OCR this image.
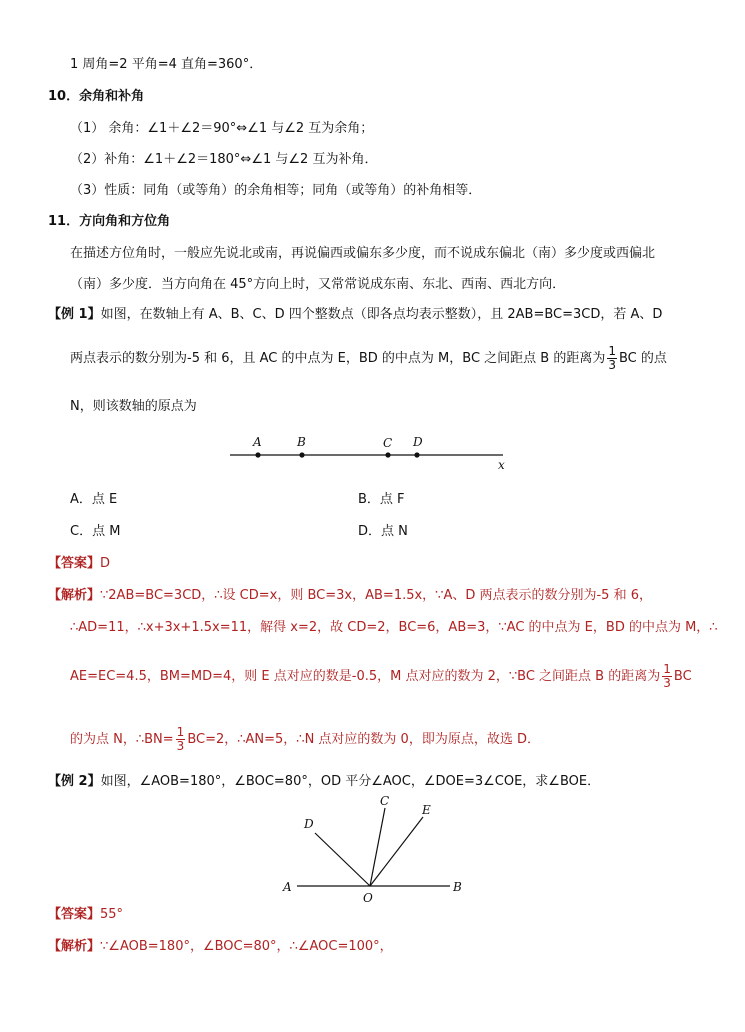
1 周角=2 平角=4 直角=360°．
10．余角和补角
（1） 余角：∠1＋∠2＝90°⇔∠1 与∠2 互为余角；
（2）补角：∠1＋∠2＝180°⇔∠1 与∠2 互为补角．
（3）性质：同角（或等角）的余角相等；同角（或等角）的补角相等．
11．方向角和方位角
在描述方位角时，一般应先说北或南，再说偏西或偏东多少度，而不说成东偏北（南）多少度或西偏北
（南）多少度．当方向角在 45°方向上时，又常常说成东南、东北、西南、西北方向．
【例 1】如图，在数轴上有 A、B、C、D 四个整数点（即各点均表示整数），且 2AB=BC=3CD，若 A、D
两点表示的数分别为-5 和 6，且 AC 的中点为 E，BD 的中点为 M，BC 之间距点 B 的距离为 $\frac{1}{3}$ BC 的点
N，则该数轴的原点为
A	B	C D
x
A．点 E	B．点 F
C．点 M	D．点 N
【答案】D
【解析】∵2AB=BC=3CD，∴设 CD=x，则 BC=3x，AB=1.5x，∵A、D 两点表示的数分别为-5 和 6，
∴AD=11，∴x+3x+1.5x=11，解得 x=2，故 CD=2，BC=6，AB=3，∵AC 的中点为 E，BD 的中点为 M，∴
AE=EC=4.5，BM=MD=4，则 E 点对应的数是-0.5，M 点对应的数为 2，∵BC 之间距点 B 的距离为 $\frac{1}{3}$ BC
的为点 N，∴BN= $\frac{1}{3} BC=2$，∴AN=5，∴N 点对应的数为 0，即为原点，故选 D．
【例 2】如图，∠AOB=180°，∠BOC=80°，OD 平分∠AOC，∠DOE=3∠COE，求∠BOE．
A	B
C
D
E
O
【答案】55°
【解析】∵∠AOB=180°，∠BOC=80°，∴∠AOC=100°，
